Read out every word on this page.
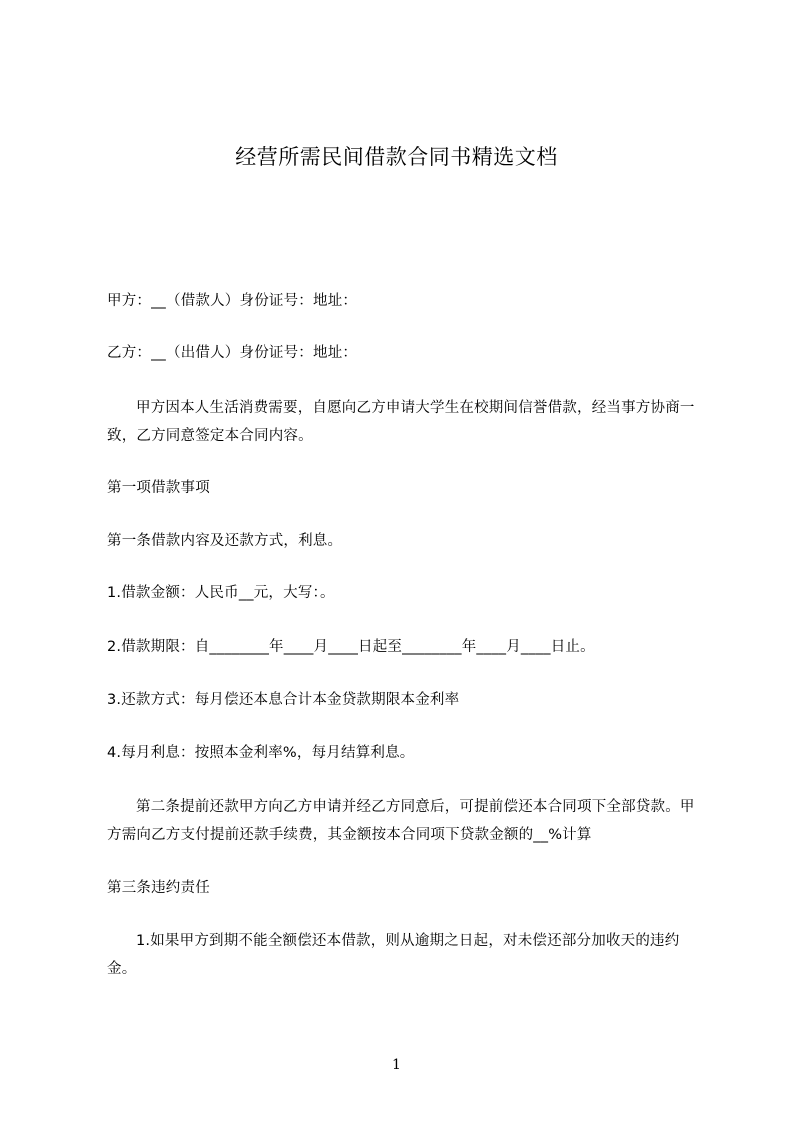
经营所需民间借款合同书精选文档
甲方：__（借款人）身份证号：地址：
乙方：__（出借人）身份证号：地址：
甲方因本人生活消费需要，自愿向乙方申请大学生在校期间信誉借款，经当事方协商一致，乙方同意签定本合同内容。
第一项借款事项
第一条借款内容及还款方式，利息。
1.借款金额：人民币__元，大写：。
2.借款期限：自________年____月____日起至________年____月____日止。
3.还款方式：每月偿还本息合计本金贷款期限本金利率
4.每月利息：按照本金利率%，每月结算利息。
第二条提前还款甲方向乙方申请并经乙方同意后，可提前偿还本合同项下全部贷款。甲方需向乙方支付提前还款手续费，其金额按本合同项下贷款金额的__%计算
第三条违约责任
1.如果甲方到期不能全额偿还本借款，则从逾期之日起，对未偿还部分加收天的违约金。
1
